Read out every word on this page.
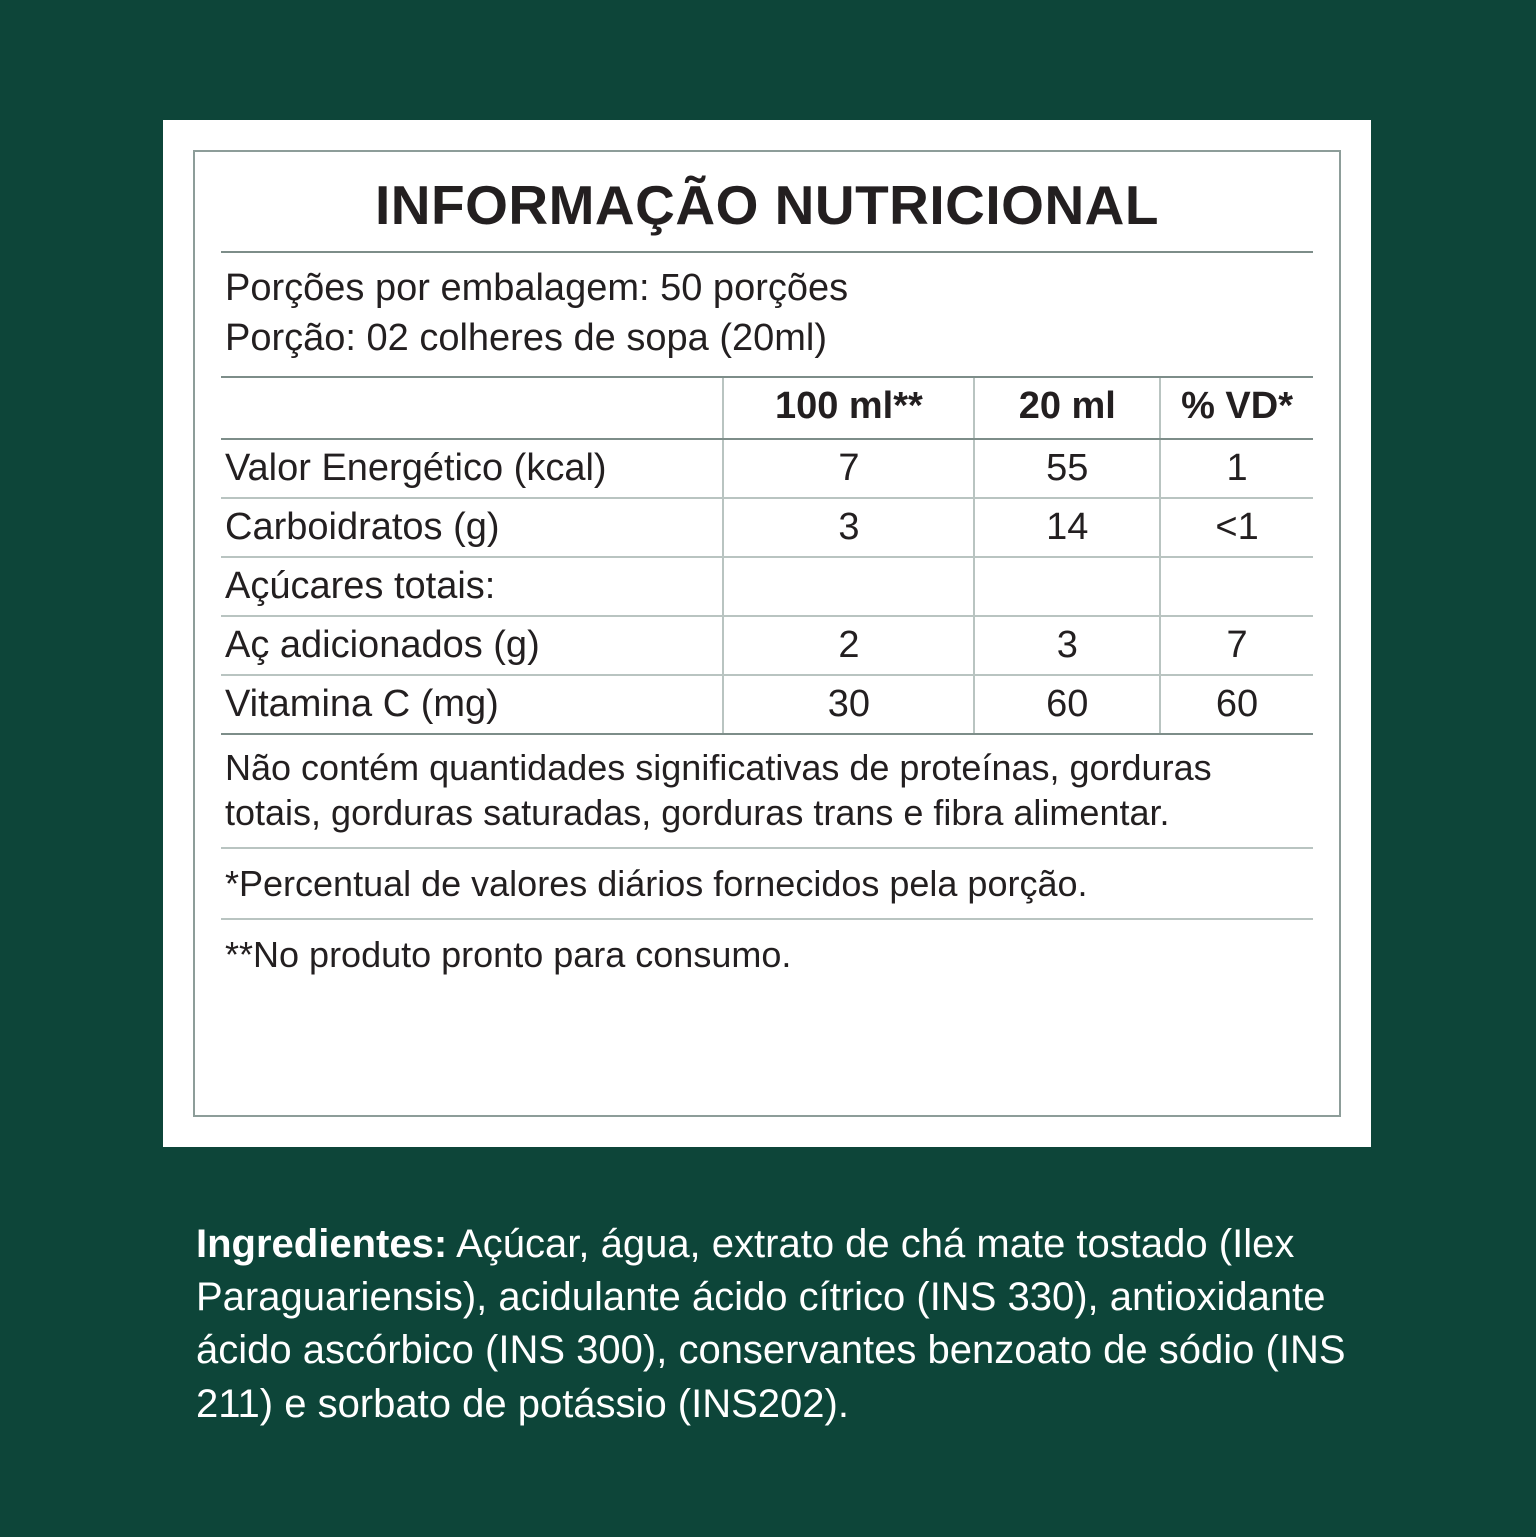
INFORMAÇÃO NUTRICIONAL
Porções por embalagem: 50 porções
Porção: 02 colheres de sopa (20ml)
	100 ml**	20 ml	% VD*
Valor Energético (kcal)	7	55	1
Carboidratos (g)	3	14	<1
Açúcares totais:			
Aç adicionados (g)	2	3	7
Vitamina C (mg)	30	60	60
Não contém quantidades significativas de proteínas, gorduras totais, gorduras saturadas, gorduras trans e fibra alimentar.
*Percentual de valores diários fornecidos pela porção.
**No produto pronto para consumo.
Ingredientes: Açúcar, água, extrato de chá mate tostado (Ilex Paraguariensis), acidulante ácido cítrico (INS 330), antioxidante ácido ascórbico (INS 300), conservantes benzoato de sódio (INS 211) e sorbato de potássio (INS202).
